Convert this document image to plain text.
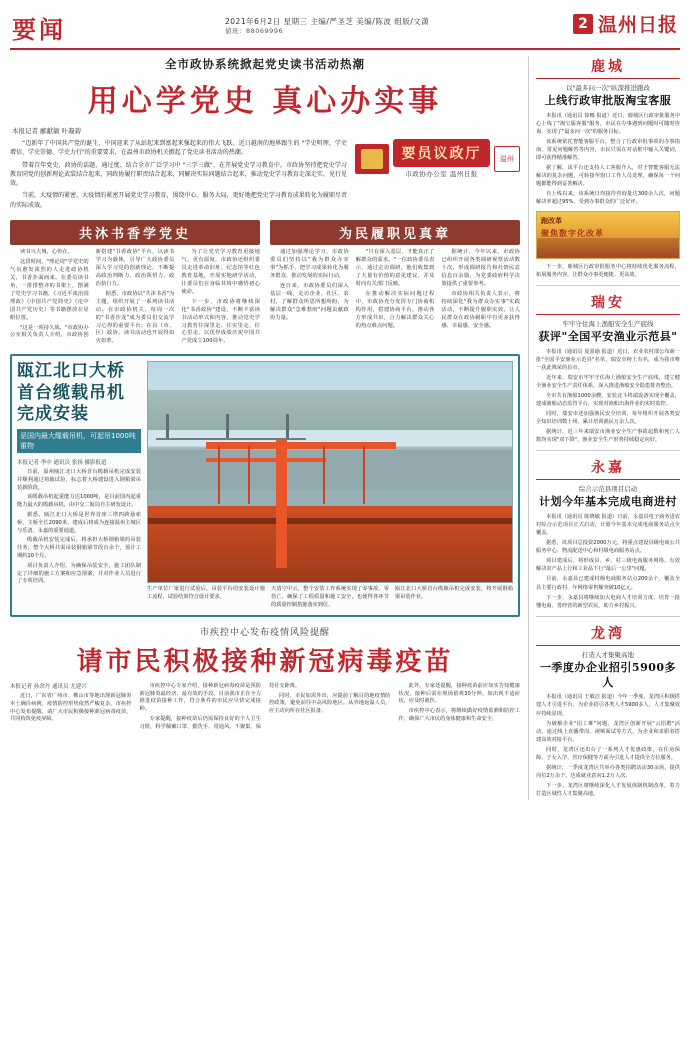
要闻	2021年6月2日 星期三 主编/严圣芝 美编/陈波 组版/文潇
値班：88069996	2 温州日报
全市政协系统掀起党史读书活动热潮
用心学党史 真心办实事
本报记者 郦献敏 叶凝碧

“迈新年了中国共产党的诞生，中国迎来了从站起来到富起来强起来的伟大飞跃。近日越南的地界跟生的 "学史明理、学史增信、学史崇德、学史力行"的重要要求，在温州市政协机关掀起了党史读书活动的热潮。

带着百年党史，政协的话题、通过度、结合全市广泛学习中 "三学三做"、在开展党史学习教育中，市政协坚持把党史学习教育同党的创新理论武装结合起来，同政协履行职责结合起来，同解决实际问题结合起来，推动党史学习教育走深走实、见行见效。

当前，大疫情的紧密，大疫情的紧密开展党史学习教育，围绕中心、服务大局，更好地把党史学习教育成果转化为履职尽责的实际成效。

要员议政厅
市政协办公室 温州日报
温州
共沐书香学党史

读书兴大城，心传在。

这段时间，"理论周"学党史的气氛愈发浓烈的人走进政协机关，书香扑面而来。在委员读书角，一排排整齐的书架上，摆满了党史学习书籍，《习近平谈治国理政》《中国共产党简史》《论中国共产党历史》等书籍摆放在显眼位置。

"这是一项持久战。"市政协办公室相关负责人介绍，市政协创新搭建"书香政协"平台，以读书学习为载体，引导广大政协委员深入学习党的创新理论，不断提高政治判断力、政治领悟力、政治执行力。

据悉，市政协以"共沐书香"为主题，组织开展了一系列读书活动。在市政协机关，每周一次的"书香沙龙"成为委员们交流学习心得的重要平台；在县（市、区）政协，读书活动也开展得如火如荼。

为了让党史学习教育更接地气、更有温度，市政协还组织委员走进革命旧址、纪念馆等红色教育基地，开展实地研学活动，让委员们在身临其境中感悟初心使命。

下一步，市政协将继续深化"书香政协"建设，不断丰富读书活动形式和内容，推动党史学习教育往深里走、往实里走、往心里走，以优异成绩庆祝中国共产党成立100周年。

为民履职见真章

通过加强理论学习，市政协委员们坚持以"我为群众办实事"为抓手，把学习成果转化为服务群众、推动发展的实际行动。

连日来，市政协委员们深入基层一线，走访企业、社区、农村，了解群众所思所想所盼，为解决群众"急难愁盼"问题贡献政协力量。

"只有深入基层，才能真正了解群众的需求。"一位政协委员表示，通过走访调研，他们收集到了大量有价值的意见建议，并及时向有关部门反映。

在推动解决实际问题过程中，市政协充分发挥专门协商机构作用，搭建协商平台，推动各方形成共识，合力解决群众关心的热点难点问题。

据统计，今年以来，市政协已组织开展各类调研视察活动数十次，形成调研报告和社情民意信息百余篇，为党委政府科学决策提供了重要参考。

市政协相关负责人表示，将持续深化"我为群众办实事"实践活动，不断提升履职实效，让人民群众在政协履职中有更多获得感、幸福感、安全感。

瓯江北口大桥
首台缆载吊机完成安装
是国内最大缆载吊机，可起吊1000吨重物
本报记者 李中 通讯员 张扬 摄影报道

日前，温州瓯江北口大桥首台缆载吊机完成安装并顺利通过荷载试验，标志着大桥建设进入钢箱梁吊装新阶段。

该缆载吊机起重能力达1000吨，是目前国内起重能力最大的缆载吊机，由中交二航局自主研发设计。

据悉，瓯江北口大桥是世界首座三塔四跨悬索桥，主桥全长2090米，建成后将成为连接温州主城区与乐清、永嘉的重要通道。

缆载吊机安装完成后，将承担大桥钢箱梁的吊装任务。整个大桥共需吊装钢箱梁节段百余个，预计工期约10个月。

项目负责人介绍，为确保吊装安全，施工团队制定了详细的施工方案和应急预案，并对作业人员进行了专项培训。

生产单位厂家进行试验后，吊装平台的安装设计施工流程，试验结果符合设计要求。
天清空中云，整个安装工作系统实现了零事故、零伤亡，确保了工程质量和施工安全，也使得各环节的质量控制措施落实到位。
瓯江北口大桥首台缆载吊机完成安装，将开展钢箱梁吊装作业。
市疾控中心发布疫情风险提醒
请市民积极接种新冠病毒疫苗
本报记者 孙余丹 通讯员 尤建兴

近日，广东省广州市、佛山市等地出现新冠肺炎本土确诊病例，疫情防控形势依然严峻复杂。市疾控中心发布提醒，请广大市民积极接种新冠病毒疫苗，共同构筑免疫屏障。

市疾控中心专家介绍，接种新冠病毒疫苗是预防新冠肺炎最经济、最有效的手段。目前我市正在全力推进疫苗接种工作，符合条件的市民应尽快完成接种。

专家提醒，接种疫苗后仍需保持良好的个人卫生习惯，科学佩戴口罩、勤洗手、常通风、不聚集、保持社交距离。

同时，市民如需外出，应提前了解目的地疫情防控政策，避免前往中高风险地区。从外地返温人员，应主动向所在社区报备。

此外，专家还提醒，接种疫苗前应如实告知健康状况，接种后需在现场留观30分钟。如出现不适症状，应及时就医。

市疾控中心表示，将继续做好疫情监测和防控工作，确保广大市民的身体健康和生命安全。

鹿城
以"最多问一次"纵深推进跑改
上线行政审批版淘宝客服

本报讯（通讯员 徐娜 报道）近日，鹿城区行政审批服务中心上线了"淘宝版客服"服务，市民在办事遇到问题时可随时咨询，实现了"最多问一次"的服务目标。

该系统依托智能客服平台，整合了行政审批事项的办事指南、常见问题解答等内容，市民只需在对话框中输入关键词，即可获得精准解答。

据了解，该平台还支持人工客服介入，对于智能客服无法解决的复杂问题，可转接至窗口工作人员处理，确保每一个问题都能得到妥善解决。

自上线以来，该系统日均接待咨询量达300余人次，问题解决率超过95%，受到办事群众的广泛好评。

跑改革
聚焦数字化改革

下一步，鹿城区行政审批服务中心将持续优化服务流程，拓展服务内容，让群众办事更便捷、更高效。

瑞安
牢牢守住海上渔船安全生产底线
获评"全国平安渔业示范县"

本报讯（通讯员 夏盈瑜 报道）近日，农业农村部公布新一批"全国平安渔业示范县"名单，瑞安市榜上有名，成为我市唯一获此殊荣的县市。

近年来，瑞安市牢牢守住海上渔船安全生产底线，建立健全渔业安全生产责任体系，深入推进渔船安全隐患排查整治。

全市共有渔船1000余艘，安装北斗终端设备实现全覆盖，建成渔船动态监管平台，实现对渔船出海作业的实时监控。

同时，瑞安市还加强渔民安全培训，每年组织开展各类安全知识培训数十场，累计培训渔民万余人次。

据统计，近三年来瑞安市渔业安全生产事故起数和死亡人数均实现"双下降"，渔业安全生产形势持续稳定向好。

永嘉
综合示范县项目启动
计划今年基本完成电商进村

本报讯（通讯员 陈晓敏 报道）日前，永嘉县电子商务进农村综合示范项目正式启动，计划今年基本完成电商服务站点全覆盖。

据悉，该项目总投资2000万元，将重点建设县级电商公共服务中心、物流配送中心和村级电商服务站点。

项目建成后，将形成县、乡、村三级电商服务网络，有效解决农产品上行和工业品下行"最后一公里"问题。

目前，永嘉县已建成村级电商服务站点200余个，覆盖全县主要行政村，年网络零售额突破10亿元。

下一步，永嘉县将继续加大电商人才培训力度，培育一批懂电商、善经营的新型农民，助力乡村振兴。

龙湾
打造人才集聚高地
一季度办企业招引5900多人

本报讯（通讯员 王敏洁 报道）今年一季度，龙湾区积极搭建人才引进平台，为企业招引各类人才5900多人，人才集聚效应持续显现。

为破解企业"招工难"问题，龙湾区创新开展"云招聘"活动，通过线上直播带岗、视频面试等方式，为企业和求职者搭建高效对接平台。

同时，龙湾区还出台了一系列人才优惠政策，在住房保障、子女入学、医疗保健等方面为引进人才提供全方位服务。

据统计，一季度龙湾区共举办各类招聘活动30余场，提供岗位2万余个，达成就业意向1.2万人次。

下一步，龙湾区将继续深化人才发展体制机制改革，着力打造区域性人才集聚高地。
